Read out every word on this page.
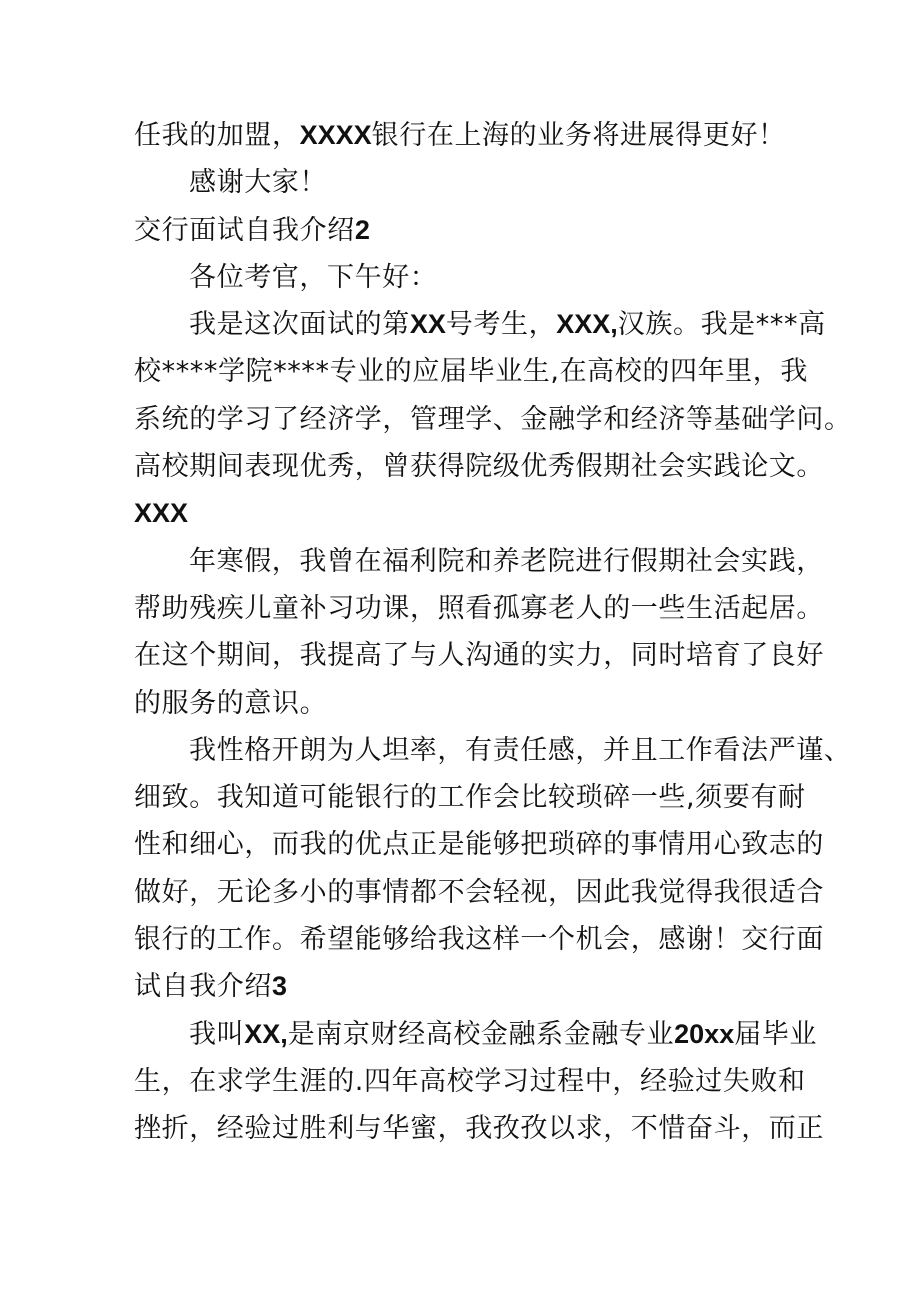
任我的加盟，XXXX银行在上海的业务将进展得更好！
感谢大家！
交行面试自我介绍2
各位考官，下午好：
我是这次面试的第XX号考生，XXX,汉族。我是***高
校****学院****专业的应届毕业生,在高校的四年里，我
系统的学习了经济学，管理学、金融学和经济等基础学问。
高校期间表现优秀，曾获得院级优秀假期社会实践论文。
XXX
年寒假，我曾在福利院和养老院进行假期社会实践，
帮助残疾儿童补习功课，照看孤寡老人的一些生活起居。
在这个期间，我提高了与人沟通的实力，同时培育了良好
的服务的意识。
我性格开朗为人坦率，有责任感，并且工作看法严谨、
细致。我知道可能银行的工作会比较琐碎一些,须要有耐
性和细心，而我的优点正是能够把琐碎的事情用心致志的
做好，无论多小的事情都不会轻视，因此我觉得我很适合
银行的工作。希望能够给我这样一个机会，感谢！交行面
试自我介绍3
我叫XX,是南京财经高校金融系金融专业20xx届毕业
生，在求学生涯的.四年高校学习过程中，经验过失败和
挫折，经验过胜利与华蜜，我孜孜以求，不惜奋斗，而正
